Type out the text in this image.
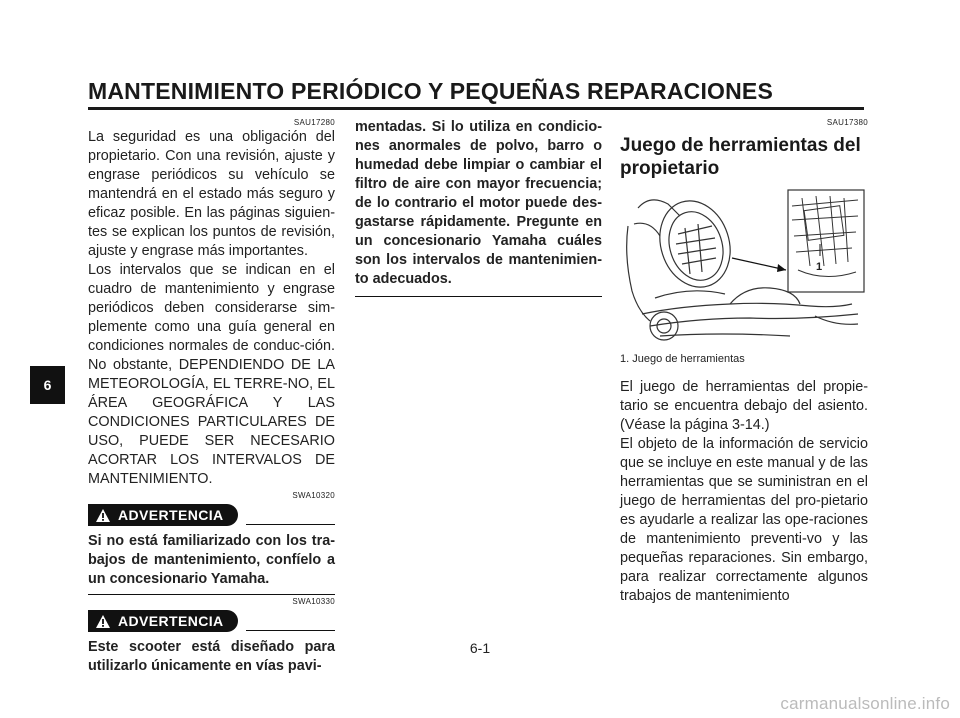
MANTENIMIENTO PERIÓDICO Y PEQUEÑAS REPARACIONES
6
SAU17280

La seguridad es una obligación del propietario. Con una revisión, ajuste y engrase periódicos su vehículo se mantendrá en el estado más seguro y eficaz posible. En las páginas siguien-tes se explican los puntos de revisión, ajuste y engrase más importantes.

Los intervalos que se indican en el cuadro de mantenimiento y engrase periódicos deben considerarse sim-plemente como una guía general en condiciones normales de conduc-ción. No obstante, DEPENDIENDO DE LA METEOROLOGÍA, EL TERRE-NO, EL ÁREA GEOGRÁFICA Y LAS CONDICIONES PARTICULARES DE USO, PUEDE SER NECESARIO ACORTAR LOS INTERVALOS DE MANTENIMIENTO.

SWA10320
ADVERTENCIA

Si no está familiarizado con los tra-bajos de mantenimiento, confíelo a un concesionario Yamaha.

SWA10330
ADVERTENCIA

Este scooter está diseñado para utilizarlo únicamente en vías pavi-

mentadas. Si lo utiliza en condicio-nes anormales de polvo, barro o humedad debe limpiar o cambiar el filtro de aire con mayor frecuencia; de lo contrario el motor puede des-gastarse rápidamente. Pregunte en un concesionario Yamaha cuáles son los intervalos de mantenimien-to adecuados.

SAU17380
Juego de herramientas del propietario
1
1. Juego de herramientas

El juego de herramientas del propie-tario se encuentra debajo del asiento. (Véase la página 3-14.)

El objeto de la información de servicio que se incluye en este manual y de las herramientas que se suministran en el juego de herramientas del pro-pietario es ayudarle a realizar las ope-raciones de mantenimiento preventi-vo y las pequeñas reparaciones. Sin embargo, para realizar correctamente algunos trabajos de mantenimiento

6-1
carmanualsonline.info
